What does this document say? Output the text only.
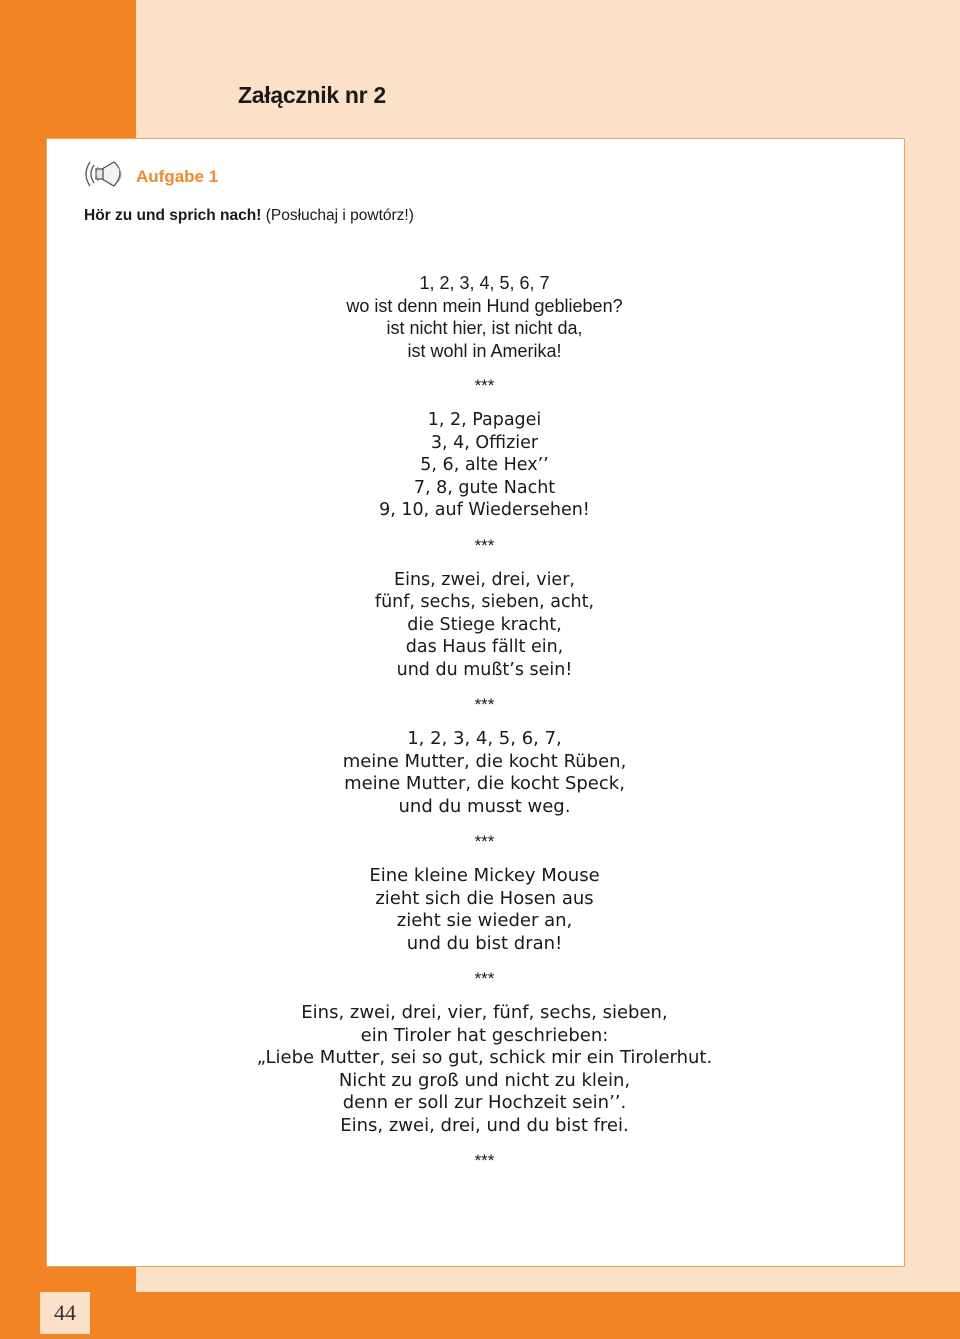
Załącznik nr 2
Aufgabe 1
Hör zu und sprich nach! (Posłuchaj i powtórz!)

1, 2, 3, 4, 5, 6, 7

wo ist denn mein Hund geblieben?

ist nicht hier, ist nicht da,

ist wohl in Amerika!

***

1, 2, Papagei

3, 4, Offizier

5, 6, alte Hex’’

7, 8, gute Nacht

9, 10, auf Wiedersehen!

***

Eins, zwei, drei, vier,

fünf, sechs, sieben, acht,

die Stiege kracht,

das Haus fällt ein,

und du mußt’s sein!

***

1, 2, 3, 4, 5, 6, 7,

meine Mutter, die kocht Rüben,

meine Mutter, die kocht Speck,

und du musst weg.

***

Eine kleine Mickey Mouse

zieht sich die Hosen aus

zieht sie wieder an,

und du bist dran!

***

Eins, zwei, drei, vier, fünf, sechs, sieben,

ein Tiroler hat geschrieben:

„Liebe Mutter, sei so gut, schick mir ein Tirolerhut.

Nicht zu groß und nicht zu klein,

denn er soll zur Hochzeit sein’’.

Eins, zwei, drei, und du bist frei.

***
44
